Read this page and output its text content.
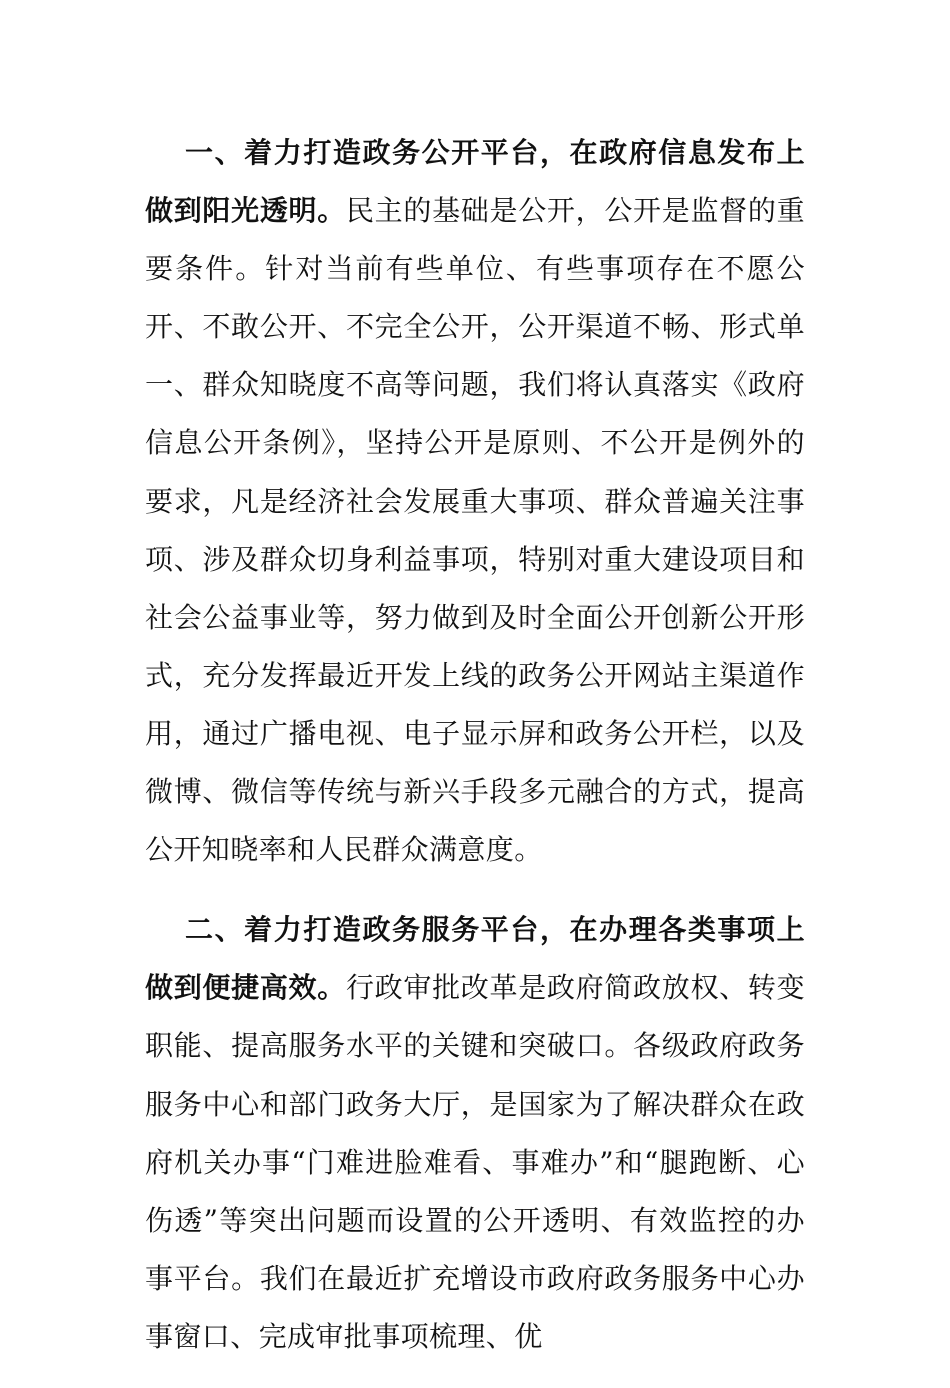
一、着力打造政务公开平台，在政府信息发布上做到阳光透明。民主的基础是公开，公开是监督的重要条件。针对当前有些单位、有些事项存在不愿公开、不敢公开、不完全公开，公开渠道不畅、形式单一、群众知晓度不高等问题，我们将认真落实《政府信息公开条例》，坚持公开是原则、不公开是例外的要求，凡是经济社会发展重大事项、群众普遍关注事项、涉及群众切身利益事项，特别对重大建设项目和社会公益事业等，努力做到及时全面公开创新公开形式，充分发挥最近开发上线的政务公开网站主渠道作用，通过广播电视、电子显示屏和政务公开栏，以及微博、微信等传统与新兴手段多元融合的方式，提高公开知晓率和人民群众满意度。

二、着力打造政务服务平台，在办理各类事项上做到便捷高效。行政审批改革是政府简政放权、转变职能、提高服务水平的关键和突破口。各级政府政务服务中心和部门政务大厅，是国家为了解决群众在政府机关办事“门难进脸难看、事难办”和“腿跑断、心伤透”等突出问题而设置的公开透明、有效监控的办事平台。我们在最近扩充增设市政府政务服务中心办事窗口、完成审批事项梳理、优
